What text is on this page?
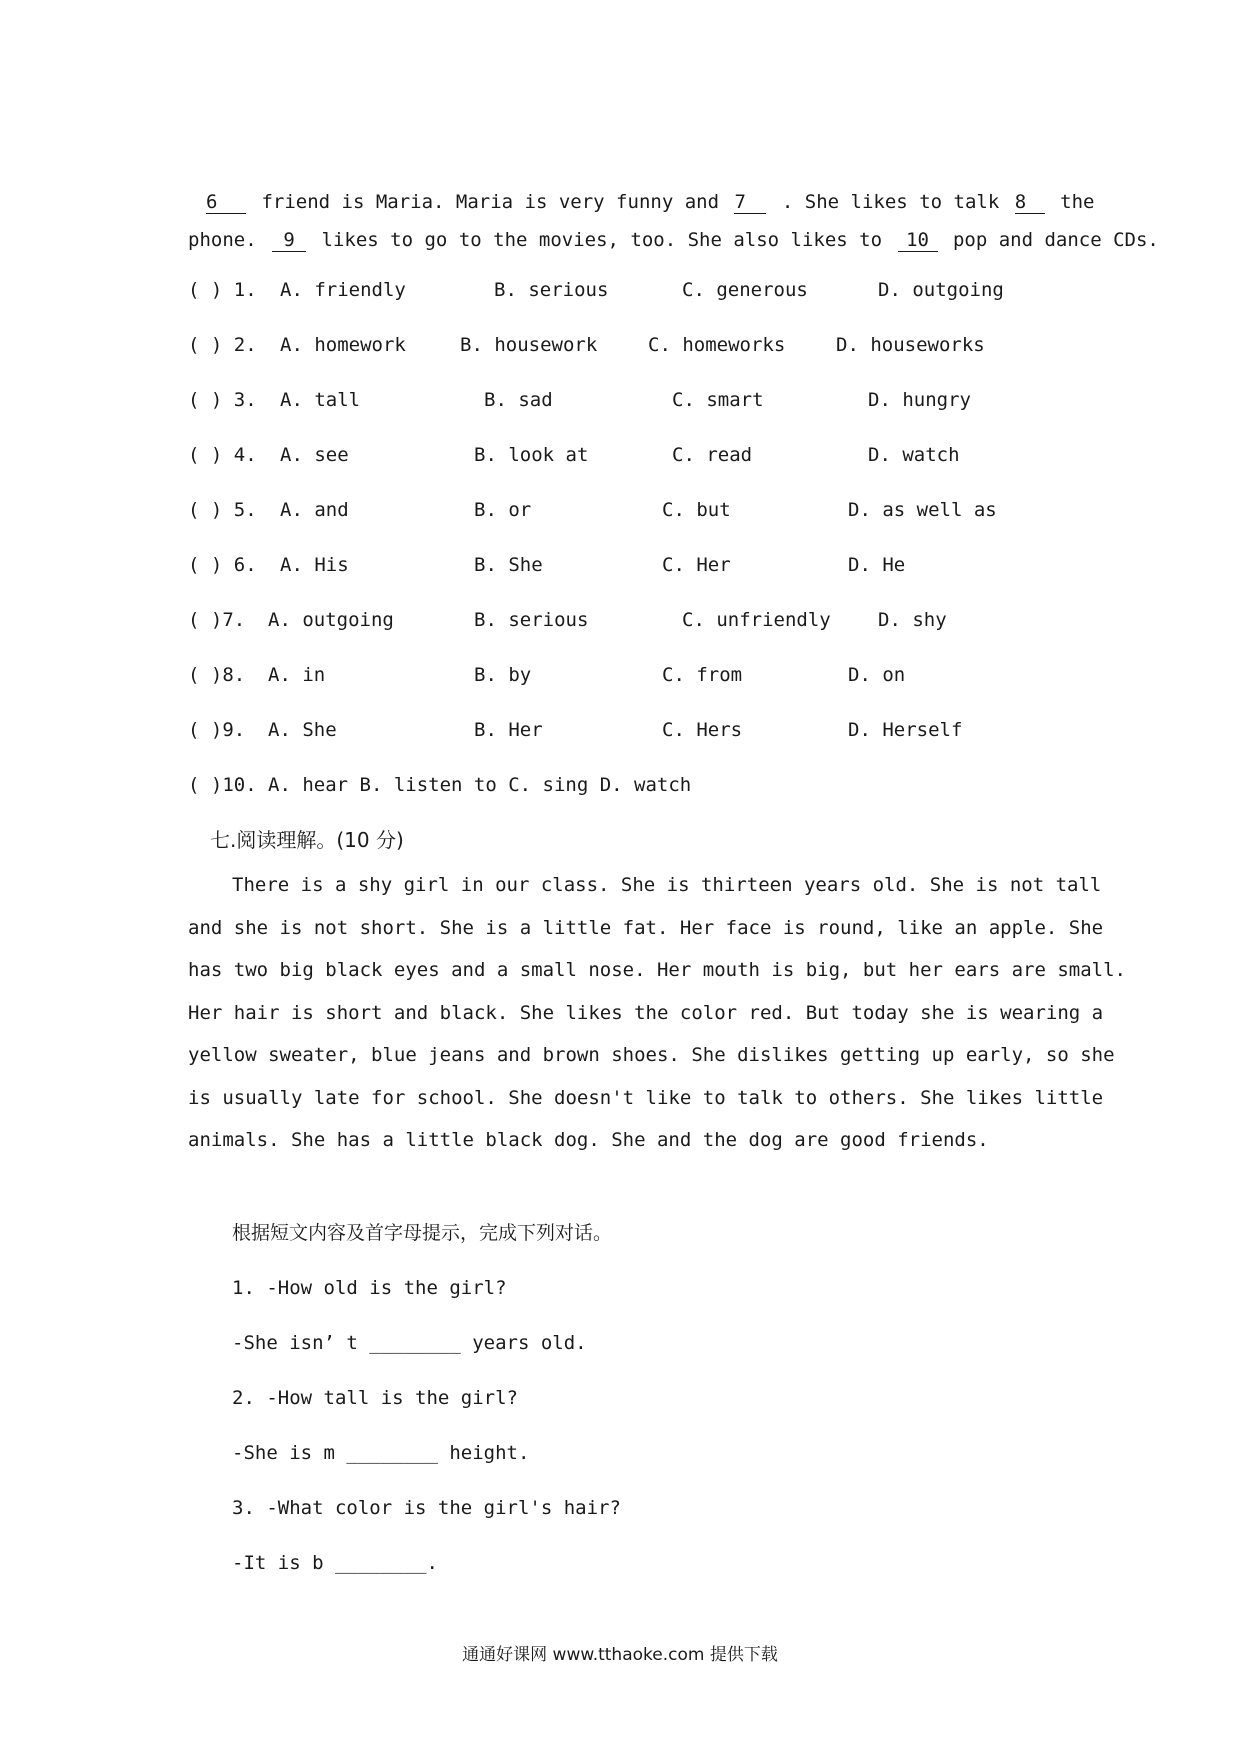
6 friend is Maria. Maria is very funny and 7 . She likes to talk 8 the
phone. 9 likes to go to the movies, too. She also likes to 10 pop and dance CDs.
( ) 1. A. friendly	B. serious	C. generous	D. outgoing
( ) 2. A. homework	B. housework	C. homeworks	D. houseworks
( ) 3. A. tall	B. sad	C. smart	D. hungry
( ) 4. A. see	B. look at	C. read	D. watch
( ) 5. A. and	B. or	C. but	D. as well as
( ) 6. A. His	B. She	C. Her	D. He
( )7. A. outgoing	B. serious	C. unfriendly D. shy
( )8. A. in	B. by	C. from	D. on
( )9. A. She	B. Her	C. Hers	D. Herself
( )10. A. hear B. listen to C. sing D. watch
七.阅读理解。(10 分)
There is a shy girl in our class. She is thirteen years old. She is not tall
and she is not short. She is a little fat. Her face is round, like an apple. She
has two big black eyes and a small nose. Her mouth is big, but her ears are small.
Her hair is short and black. She likes the color red. But today she is wearing a
yellow sweater, blue jeans and brown shoes. She dislikes getting up early, so she
is usually late for school. She doesn't like to talk to others. She likes little
animals. She has a little black dog. She and the dog are good friends.
根据短文内容及首字母提示，完成下列对话。
1. -How old is the girl?
-She isn’ t ________ years old.
2. -How tall is the girl?
-She is m ________ height.
3. -What color is the girl's hair?
-It is b ________.
通通好课网 www.tthaoke.com 提供下载
